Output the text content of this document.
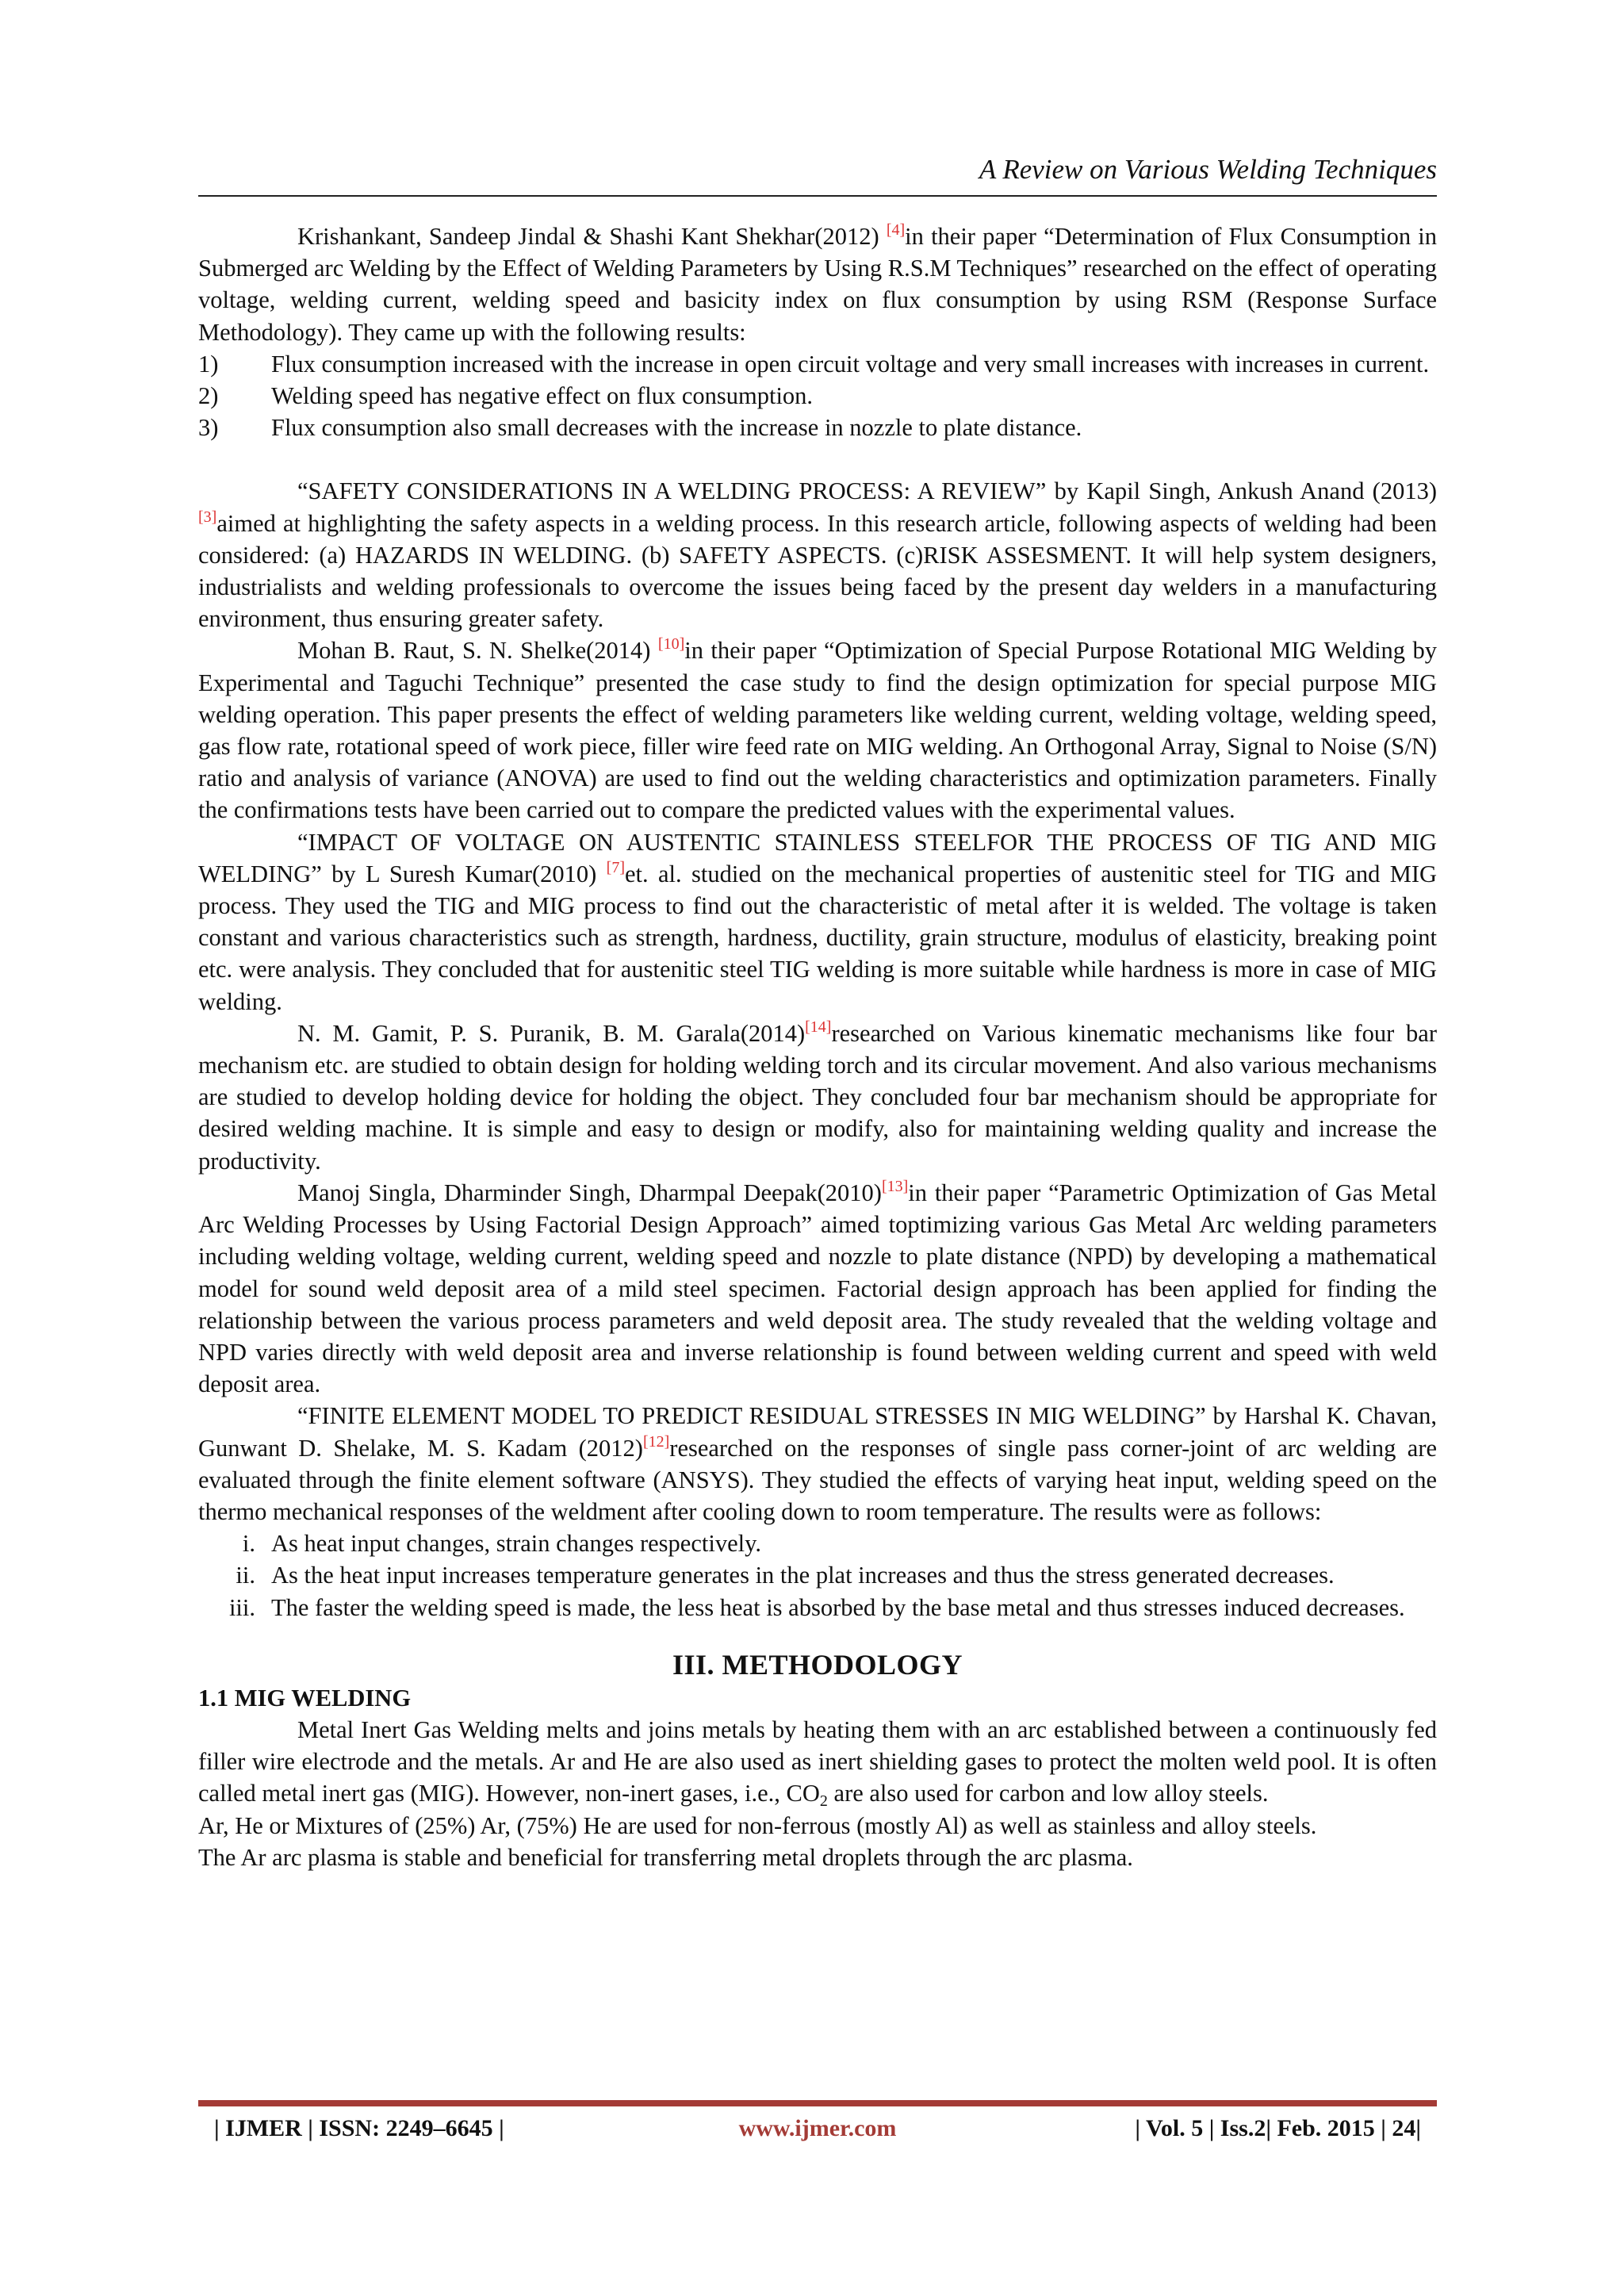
A Review on Various Welding Techniques

Krishankant, Sandeep Jindal & Shashi Kant Shekhar(2012) [4]in their paper “Determination of Flux Consumption in Submerged arc Welding by the Effect of Welding Parameters by Using R.S.M Techniques” researched on the effect of operating voltage, welding current, welding speed and basicity index on flux consumption by using RSM (Response Surface Methodology). They came up with the following results:

1)	Flux consumption increased with the increase in open circuit voltage and very small increases with increases in current.
2)	Welding speed has negative effect on flux consumption.
3)	Flux consumption also small decreases with the increase in nozzle to plate distance.

“SAFETY CONSIDERATIONS IN A WELDING PROCESS: A REVIEW” by Kapil Singh, Ankush Anand (2013)[3]aimed at highlighting the safety aspects in a welding process. In this research article, following aspects of welding had been considered: (a) HAZARDS IN WELDING. (b) SAFETY ASPECTS. (c)RISK ASSESMENT. It will help system designers, industrialists and welding professionals to overcome the issues being faced by the present day welders in a manufacturing environment, thus ensuring greater safety.

Mohan B. Raut, S. N. Shelke(2014) [10]in their paper “Optimization of Special Purpose Rotational MIG Welding by Experimental and Taguchi Technique” presented the case study to find the design optimization for special purpose MIG welding operation. This paper presents the effect of welding parameters like welding current, welding voltage, welding speed, gas flow rate, rotational speed of work piece, filler wire feed rate on MIG welding. An Orthogonal Array, Signal to Noise (S/N) ratio and analysis of variance (ANOVA) are used to find out the welding characteristics and optimization parameters. Finally the confirmations tests have been carried out to compare the predicted values with the experimental values.

“IMPACT OF VOLTAGE ON AUSTENTIC STAINLESS STEELFOR THE PROCESS OF TIG AND MIG WELDING” by L Suresh Kumar(2010) [7]et. al. studied on the mechanical properties of austenitic steel for TIG and MIG process. They used the TIG and MIG process to find out the characteristic of metal after it is welded. The voltage is taken constant and various characteristics such as strength, hardness, ductility, grain structure, modulus of elasticity, breaking point etc. were analysis. They concluded that for austenitic steel TIG welding is more suitable while hardness is more in case of MIG welding.

N. M. Gamit, P. S. Puranik, B. M. Garala(2014)[14]researched on Various kinematic mechanisms like four bar mechanism etc. are studied to obtain design for holding welding torch and its circular movement. And also various mechanisms are studied to develop holding device for holding the object. They concluded four bar mechanism should be appropriate for desired welding machine. It is simple and easy to design or modify, also for maintaining welding quality and increase the productivity.

Manoj Singla, Dharminder Singh, Dharmpal Deepak(2010)[13]in their paper “Parametric Optimization of Gas Metal Arc Welding Processes by Using Factorial Design Approach” aimed toptimizing various Gas Metal Arc welding parameters including welding voltage, welding current, welding speed and nozzle to plate distance (NPD) by developing a mathematical model for sound weld deposit area of a mild steel specimen. Factorial design approach has been applied for finding the relationship between the various process parameters and weld deposit area. The study revealed that the welding voltage and NPD varies directly with weld deposit area and inverse relationship is found between welding current and speed with weld deposit area.

“FINITE ELEMENT MODEL TO PREDICT RESIDUAL STRESSES IN MIG WELDING” by Harshal K. Chavan, Gunwant D. Shelake, M. S. Kadam (2012)[12]researched on the responses of single pass corner-joint of arc welding are evaluated through the finite element software (ANSYS). They studied the effects of varying heat input, welding speed on the thermo mechanical responses of the weldment after cooling down to room temperature. The results were as follows:

i. As heat input changes, strain changes respectively.
ii. As the heat input increases temperature generates in the plat increases and thus the stress generated decreases.
iii. The faster the welding speed is made, the less heat is absorbed by the base metal and thus stresses induced decreases.

III. METHODOLOGY

1.1 MIG WELDING

Metal Inert Gas Welding melts and joins metals by heating them with an arc established between a continuously fed filler wire electrode and the metals. Ar and He are also used as inert shielding gases to protect the molten weld pool. It is often called metal inert gas (MIG). However, non-inert gases, i.e., $CO_2$ are also used for carbon and low alloy steels.

Ar, He or Mixtures of (25%) Ar, (75%) He are used for non-ferrous (mostly Al) as well as stainless and alloy steels.

The Ar arc plasma is stable and beneficial for transferring metal droplets through the arc plasma.

| IJMER | ISSN: 2249–6645 |	www.ijmer.com	| Vol. 5 | Iss.2| Feb. 2015 | 24|
